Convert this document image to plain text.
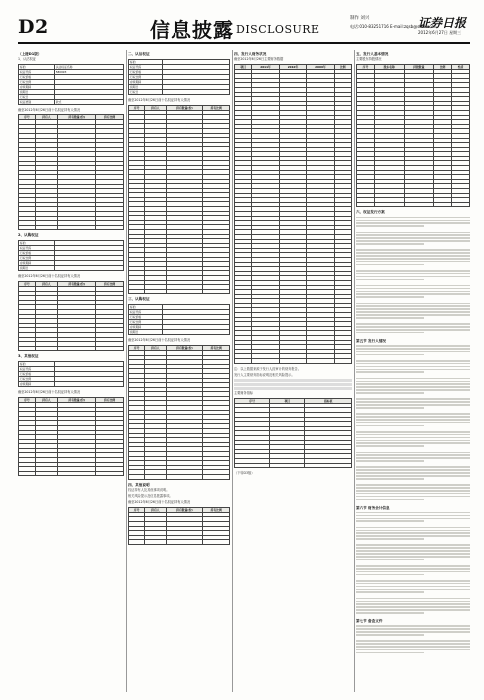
D2	信息披露 DISCLOSURE
制作 刘兴
电话:010-83251716 E-mail:zqsb@stcn.com
证券日报
2012年6月27日 星期三
（上接D1版）
1、认沽权证
标的	认沽权证名称
权证代码	580993
行权价格	
行权比例	
存续期间	
到期日	
行权日	
权证类别	欧式
截至2012年6月26日前十名权证持有人情况
序号	持有人	持有数量(份)	持有比例

2、认购权证
标的	
权证代码	
行权价格	
行权比例	
存续期间	
到期日	
截至2012年6月26日前十名权证持有人情况
序号	持有人	持有数量(份)	持有比例

3、其他权证
标的	
权证代码	
行权价格	
行权比例	
存续期间	
截至2012年6月26日前十名权证持有人情况
序号	持有人	持有数量(份)	持有比例

二、认沽权证
标的	
权证代码	
行权价格	
行权比例	
存续期间	
到期日	
行权日	
截至2012年6月26日前十名权证持有人情况
序号	持有人	持有数量(份)	持有比例

三、认购权证
标的	
权证代码	
行权价格	
行权比例	
存续期间	
到期日	
截至2012年6月26日前十名权证持有人情况
序号	持有人	持有数量(份)	持有比例

四、其他说明
权证持有人及其他事项说明。
相关风险提示及信息披露事项。
截至2012年6月26日前十名权证持有人情况
序号	持有人	持有数量(份)	持有比例

四、发行人财务状况
截至2012年6月26日主要财务数据
项目	2011年	2010年	2009年	比例

注：以上数据来源于发行人经审计的财务报告。
发行人主要财务指标说明及相关风险提示。
主要财务指标
序号	项目	指标值

（下转D3版）
五、发行人基本情况
主要股东持股情况
序号	股东名称	持股数量	比例	性质

六、权证发行方案
第五节 发行人情况
第六节 财务会计信息
第七节 备查文件
